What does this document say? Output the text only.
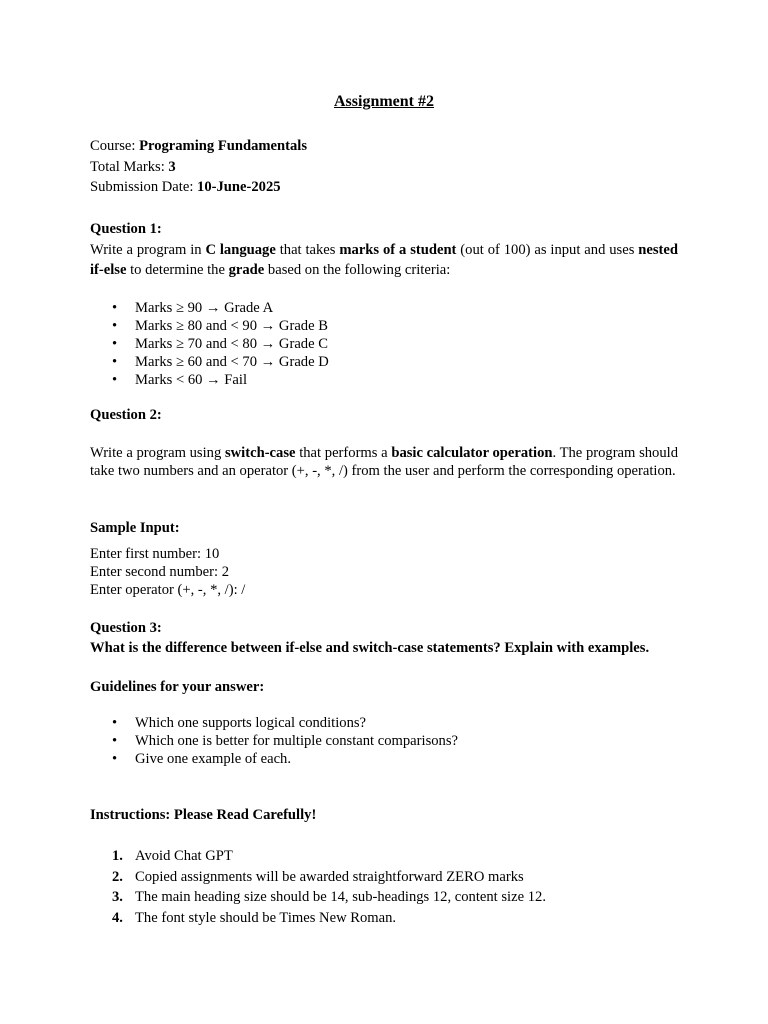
Assignment #2
Course: Programing Fundamentals
Total Marks: 3
Submission Date: 10-June-2025
Question 1:
Write a program in C language that takes marks of a student (out of 100) as input and uses nested if-else to determine the grade based on the following criteria:
• Marks ≥ 90 → Grade A
• Marks ≥ 80 and < 90 → Grade B
• Marks ≥ 70 and < 80 → Grade C
• Marks ≥ 60 and < 70 → Grade D
• Marks < 60 → Fail
Question 2:
Write a program using switch-case that performs a basic calculator operation. The program should take two numbers and an operator (+, -, *, /) from the user and perform the corresponding operation.
Sample Input:
Enter first number: 10
Enter second number: 2
Enter operator (+, -, *, /): /
Question 3:
What is the difference between if-else and switch-case statements? Explain with examples.
Guidelines for your answer:
• Which one supports logical conditions?
• Which one is better for multiple constant comparisons?
• Give one example of each.
Instructions: Please Read Carefully!
1. Avoid Chat GPT
2. Copied assignments will be awarded straightforward ZERO marks
3. The main heading size should be 14, sub-headings 12, content size 12.
4. The font style should be Times New Roman.
